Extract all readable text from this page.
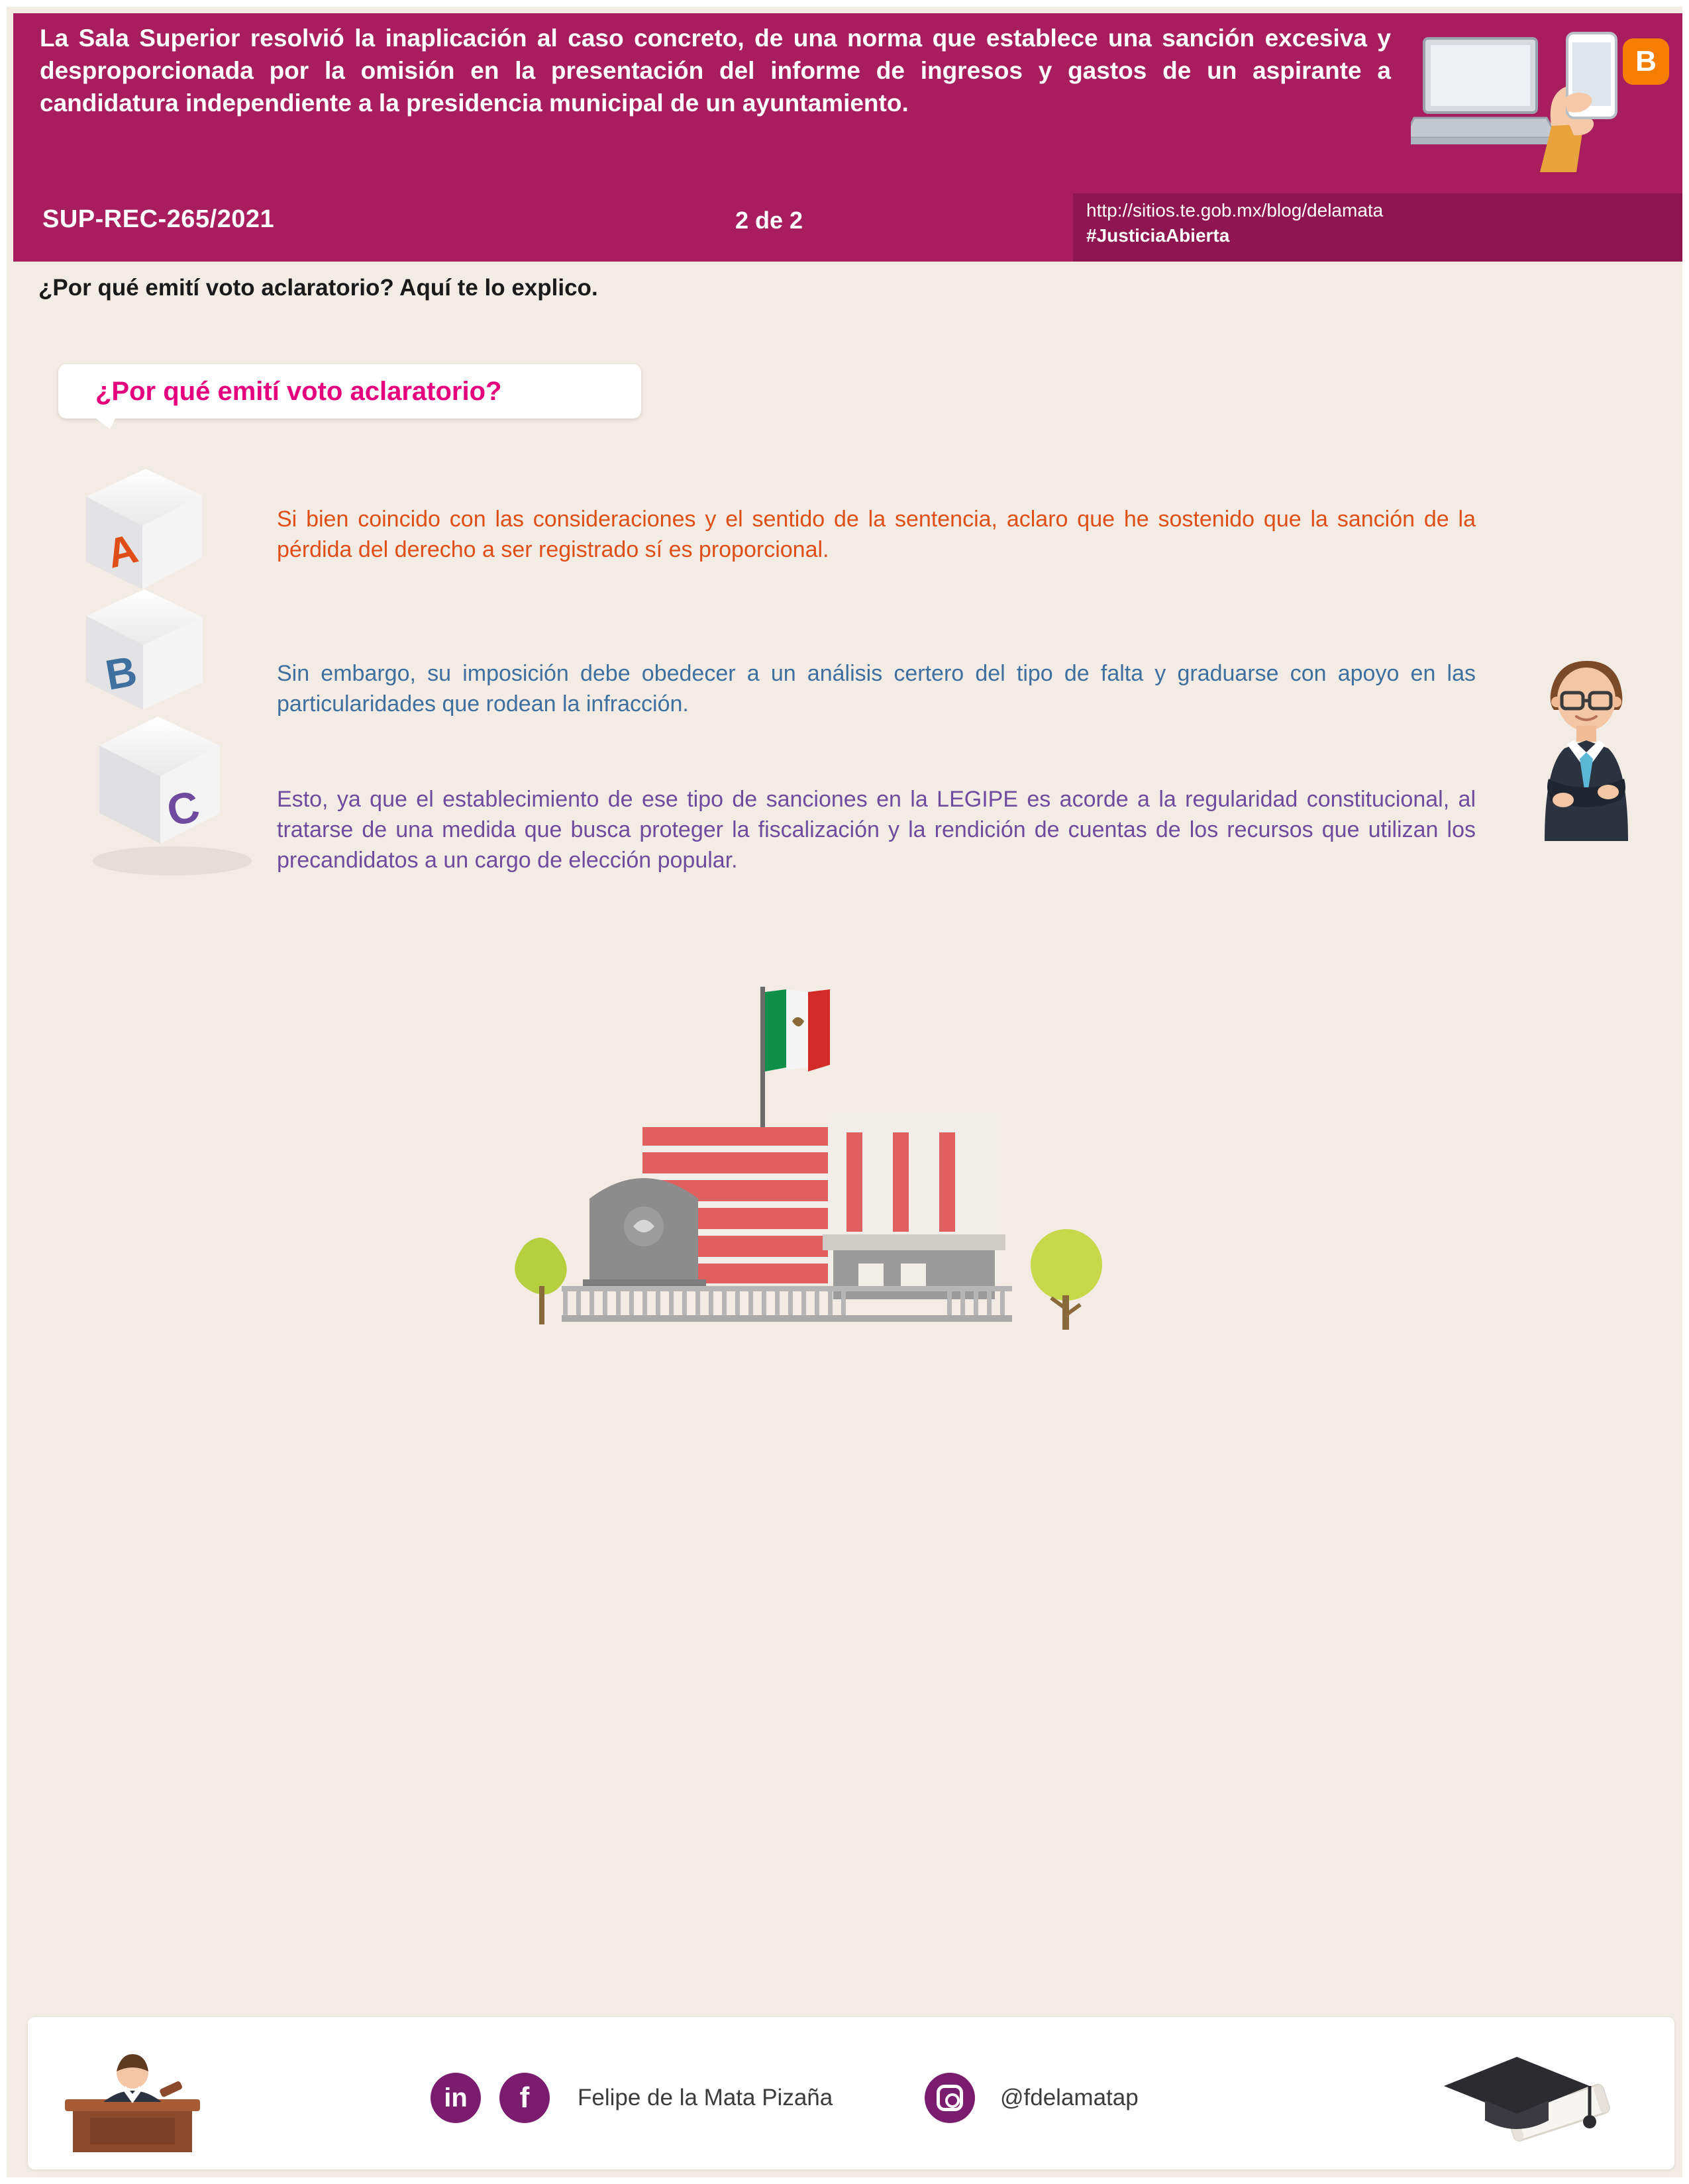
La Sala Superior resolvió la inaplicación al caso concreto, de una norma que establece una sanción excesiva y desproporcionada por la omisión en la presentación del informe de ingresos y gastos de un aspirante a candidatura independiente a la presidencia municipal de un ayuntamiento.
SUP-REC-265/2021	2 de 2	http://sitios.te.gob.mx/blog/delamata
#JusticiaAbierta
B
¿Por qué emití voto aclaratorio? Aquí te lo explico.
¿Por qué emití voto aclaratorio?
A
B
C
Si bien coincido con las consideraciones y el sentido de la sentencia, aclaro que he sostenido que la sanción de la pérdida del derecho a ser registrado sí es proporcional.
Sin embargo, su imposición debe obedecer a un análisis certero del tipo de falta y graduarse con apoyo en las particularidades que rodean la infracción.
Esto, ya que el establecimiento de ese tipo de sanciones en la LEGIPE es acorde a la regularidad constitucional, al tratarse de una medida que busca proteger la fiscalización y la rendición de cuentas de los recursos que utilizan los precandidatos a un cargo de elección popular.
in	f	Felipe de la Mata Pizaña	@fdelamatap
